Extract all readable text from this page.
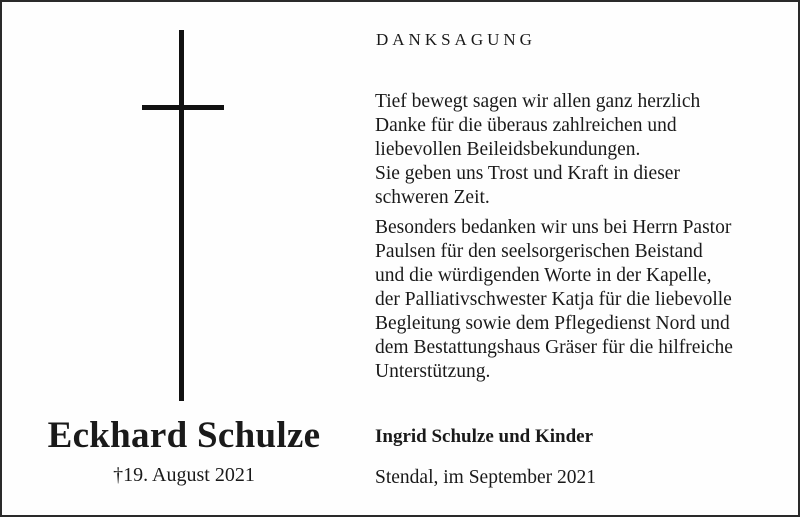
Eckhard Schulze
†19. August 2021
DANKSAGUNG

Tief bewegt sagen wir allen ganz herzlich
Danke für die überaus zahlreichen und
liebevollen Beileidsbekundungen.
Sie geben uns Trost und Kraft in dieser
schweren Zeit.

Besonders bedanken wir uns bei Herrn Pastor
Paulsen für den seelsorgerischen Beistand
und die würdigenden Worte in der Kapelle,
der Palliativschwester Katja für die liebevolle
Begleitung sowie dem Pflegedienst Nord und
dem Bestattungshaus Gräser für die hilfreiche
Unterstützung.

Ingrid Schulze und Kinder
Stendal, im September 2021
